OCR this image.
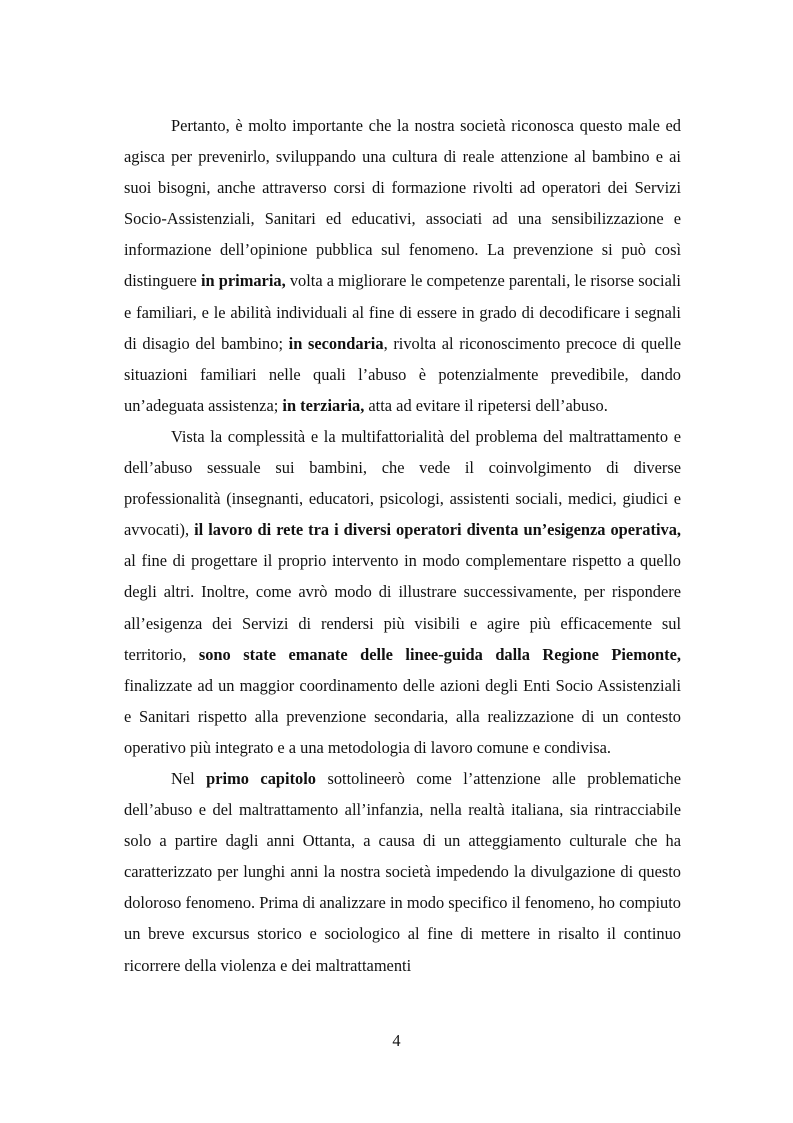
Pertanto, è molto importante che la nostra società riconosca questo male ed agisca per prevenirlo, sviluppando una cultura di reale attenzione al bambino e ai suoi bisogni, anche attraverso corsi di formazione rivolti ad operatori dei Servizi Socio-Assistenziali, Sanitari ed educativi, associati ad una sensibilizzazione e informazione dell’opinione pubblica sul fenomeno. La prevenzione si può così distinguere in primaria, volta a migliorare le competenze parentali, le risorse sociali e familiari, e le abilità individuali al fine di essere in grado di decodificare i segnali di disagio del bambino; in secondaria, rivolta al riconoscimento precoce di quelle situazioni familiari nelle quali l’abuso è potenzialmente prevedibile, dando un’adeguata assistenza; in terziaria, atta ad evitare il ripetersi dell’abuso.

Vista la complessità e la multifattorialità del problema del maltrattamento e dell’abuso sessuale sui bambini, che vede il coinvolgimento di diverse professionalità (insegnanti, educatori, psicologi, assistenti sociali, medici, giudici e avvocati), il lavoro di rete tra i diversi operatori diventa un’esigenza operativa, al fine di progettare il proprio intervento in modo complementare rispetto a quello degli altri. Inoltre, come avrò modo di illustrare successivamente, per rispondere all’esigenza dei Servizi di rendersi più visibili e agire più efficacemente sul territorio, sono state emanate delle linee-guida dalla Regione Piemonte, finalizzate ad un maggior coordinamento delle azioni degli Enti Socio Assistenziali e Sanitari rispetto alla prevenzione secondaria, alla realizzazione di un contesto operativo più integrato e a una metodologia di lavoro comune e condivisa.

Nel primo capitolo sottolineerò come l’attenzione alle problematiche dell’abuso e del maltrattamento all’infanzia, nella realtà italiana, sia rintracciabile solo a partire dagli anni Ottanta, a causa di un atteggiamento culturale che ha caratterizzato per lunghi anni la nostra società impedendo la divulgazione di questo doloroso fenomeno. Prima di analizzare in modo specifico il fenomeno, ho compiuto un breve excursus storico e sociologico al fine di mettere in risalto il continuo ricorrere della violenza e dei maltrattamenti

4
